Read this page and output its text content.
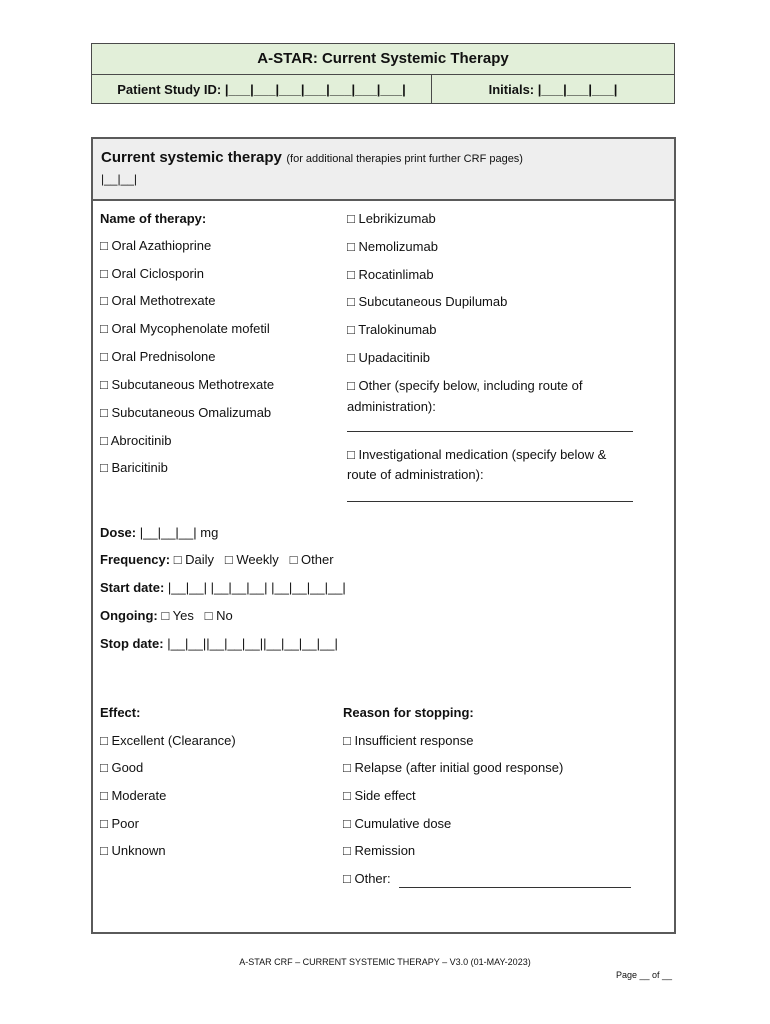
A-STAR: Current Systemic Therapy
Patient Study ID: |___|___|___|___|___|___|___|	Initials: |___|___|___|
Current systemic therapy (for additional therapies print further CRF pages)
|__|__|
Name of therapy:
□ Oral Azathioprine
□ Oral Ciclosporin
□ Oral Methotrexate
□ Oral Mycophenolate mofetil
□ Oral Prednisolone
□ Subcutaneous Methotrexate
□ Subcutaneous Omalizumab
□ Abrocitinib
□ Baricitinib
□ Lebrikizumab
□ Nemolizumab
□ Rocatinlimab
□ Subcutaneous Dupilumab
□ Tralokinumab
□ Upadacitinib
□ Other (specify below, including route of
administration):
□ Investigational medication (specify below &
route of administration):
Dose: |__|__|__| mg
Frequency: □ Daily   □ Weekly   □ Other
Start date: |__|__| |__|__|__| |__|__|__|__|
Ongoing: □ Yes   □ No
Stop date: |__|__||__|__|__||__|__|__|__|
Effect:
□ Excellent (Clearance)
□ Good
□ Moderate
□ Poor
□ Unknown
Reason for stopping:
□ Insufficient response
□ Relapse (after initial good response)
□ Side effect
□ Cumulative dose
□ Remission
□ Other:
A-STAR CRF – CURRENT SYSTEMIC THERAPY – V3.0 (01-MAY-2023)
Page __ of __
